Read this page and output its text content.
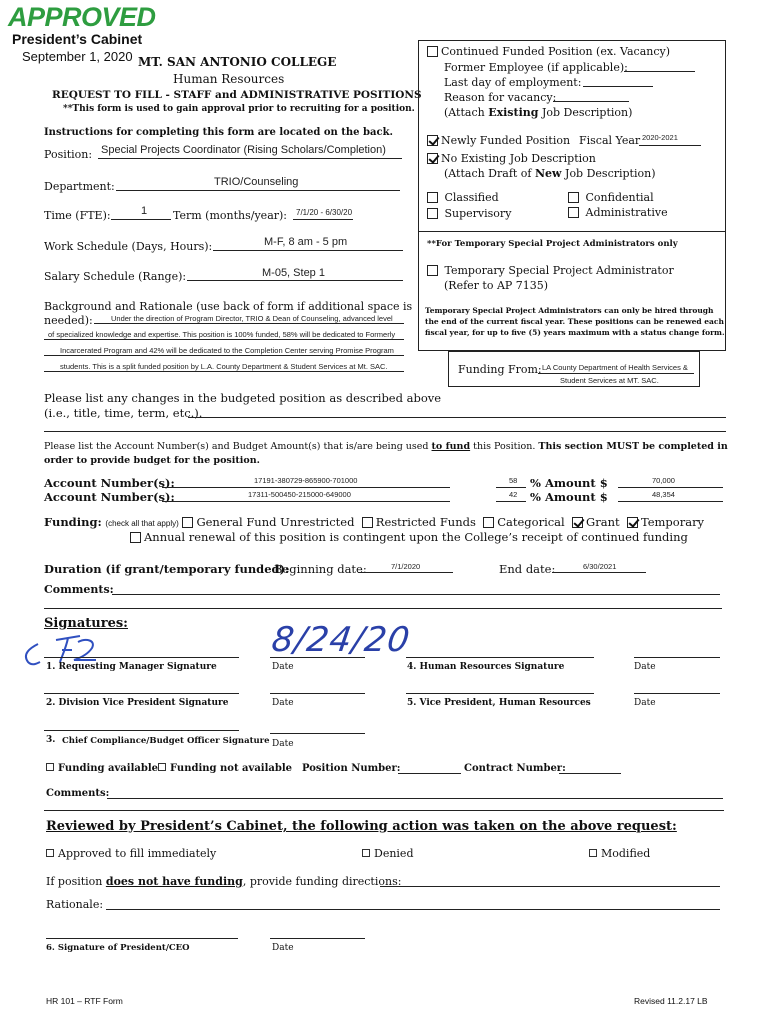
APPROVED
President’s Cabinet
September 1, 2020 MT. SAN ANTONIO COLLEGE
Human Resources
REQUEST TO FILL - STAFF and ADMINISTRATIVE POSITIONS
**This form is used to gain approval prior to recruiting for a position.
Instructions for completing this form are located on the back.
Position: Special Projects Coordinator (Rising Scholars/Completion)
Department:	TRIO/Counseling
Time (FTE):	1 Term (months/year): 7/1/20 - 6/30/20
Work Schedule (Days, Hours):	M-F, 8 am - 5 pm
Salary Schedule (Range):	M-05, Step 1
Background and Rationale (use back of form if additional space is
needed): Under the direction of Program Director, TRIO & Dean of Counseling, advanced level
of specialized knowledge and expertise. This position is 100% funded, 58% will be dedicated to Formerly
Incarcerated Program and 42% will be dedicated to the Completion Center serving Promise Program
students. This is a split funded position by L.A. County Department & Student Services at Mt. SAC.
Continued Funded Position (ex. Vacancy)
Former Employee (if applicable):
Last day of employment:
Reason for vacancy:
(Attach Existing Job Description)
Newly Funded Position Fiscal Year 2020-2021
No Existing Job Description
(Attach Draft of New Job Description)
Classified
Supervisory
Confidential
Administrative
**For Temporary Special Project Administrators only
Temporary Special Project Administrator
(Refer to AP 7135)
Temporary Special Project Administrators can only be hired through
the end of the current fiscal year. These positions can be renewed each
fiscal year, for up to five (5) years maximum with a status change form.
Funding From: LA County Department of Health Services &
Student Services at MT. SAC.
Please list any changes in the budgeted position as described above
(i.e., title, time, term, etc.).
Please list the Account Number(s) and Budget Amount(s) that is/are being used to fund this Position. This section MUST be completed in
order to provide budget for the position.
Account Number(s):	17191-380729-865900-701000	58 % Amount $	70,000
Account Number(s):	17311-500450-215000-649000	42 % Amount $	48,354
Funding: (check all that apply) General Fund Unrestricted Restricted Funds Categorical Grant Temporary
Annual renewal of this position is contingent upon the College’s receipt of continued funding
Duration (if grant/temporary funded):
Beginning date:	7/1/2020	End date:	6/30/2021
Comments:
Signatures:	8/24/20
1. Requesting Manager Signature	Date	4. Human Resources Signature	Date
2. Division Vice President Signature	Date	5. Vice President, Human Resources	Date
3. Chief Compliance/Budget Officer Signature Date
Funding available	Funding not available Position Number:	Contract Number:
Comments:
Reviewed by President’s Cabinet, the following action was taken on the above request:
Approved to fill immediately	Denied	Modified
If position does not have funding, provide funding directions:
Rationale:
6. Signature of President/CEO	Date
HR 101 – RTF Form	Revised 11.2.17 LB
